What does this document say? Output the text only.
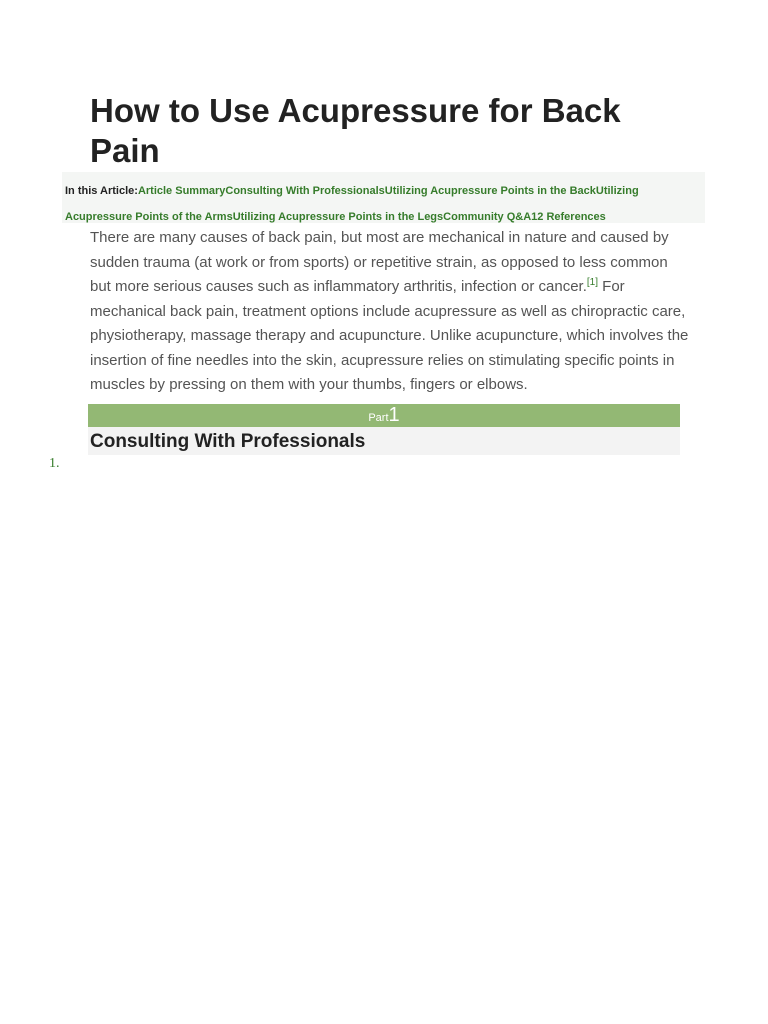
How to Use Acupressure for Back Pain
In this Article:Article SummaryConsulting With ProfessionalsUtilizing Acupressure Points in the BackUtilizing Acupressure Points of the ArmsUtilizing Acupressure Points in the LegsCommunity Q&A12 References

There are many causes of back pain, but most are mechanical in nature and caused by sudden trauma (at work or from sports) or repetitive strain, as opposed to less common but more serious causes such as inflammatory arthritis, infection or cancer.[1] For mechanical back pain, treatment options include acupressure as well as chiropractic care, physiotherapy, massage therapy and acupuncture. Unlike acupuncture, which involves the insertion of fine needles into the skin, acupressure relies on stimulating specific points in muscles by pressing on them with your thumbs, fingers or elbows.

Part1
Consulting With Professionals
1.
